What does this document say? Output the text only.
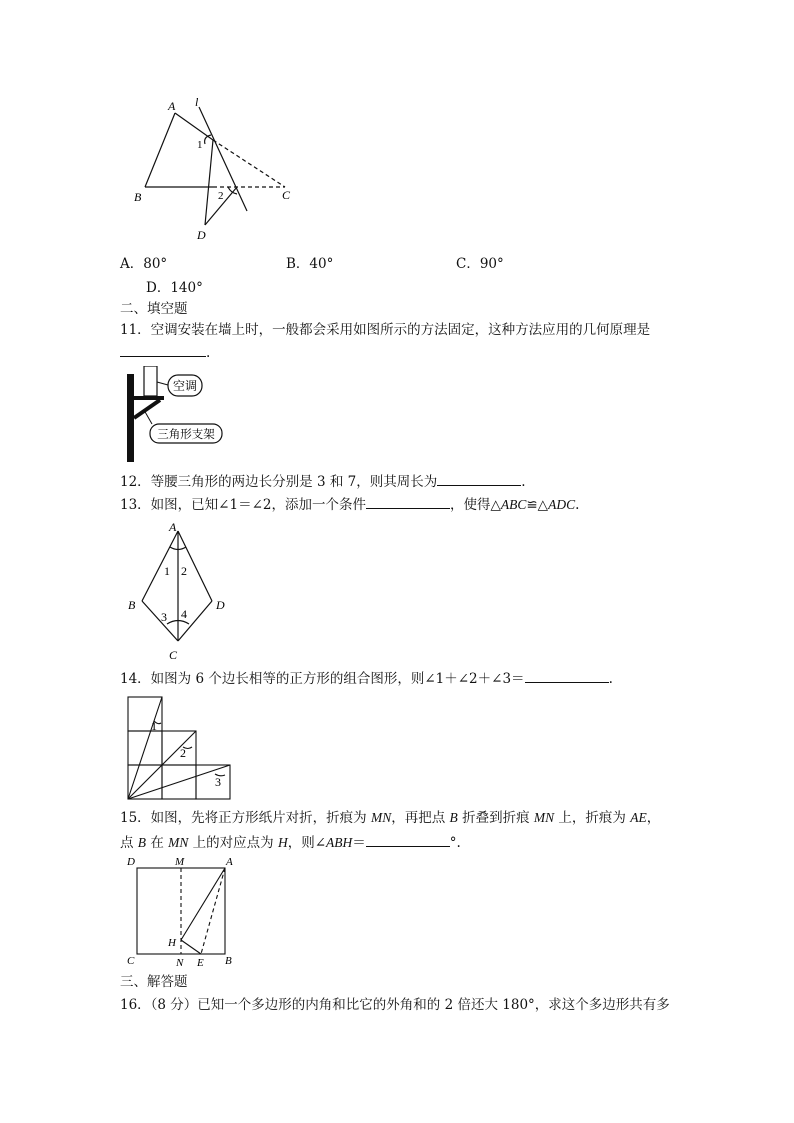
A l
1
B	2	C
D
A．80°	B．40°	C．90°
D．140°
二、填空题
11．空调安装在墙上时，一般都会采用如图所示的方法固定，这种方法应用的几何原理是
.
空调
三角形支架
12．等腰三角形的两边长分别是 3 和 7，则其周长为	.
13．如图，已知∠1＝∠2，添加一个条件	，使得△ABC≌△ADC.
A
1 2
B	D
3 4
C
14．如图为 6 个边长相等的正方形的组合图形，则∠1＋∠2＋∠3＝	.
1
2
3
15．如图，先将正方形纸片对折，折痕为 MN，再把点 B 折叠到折痕 MN 上，折痕为 AE，
点 B 在 MN 上的对应点为 H，则∠ABH＝	°.
D	M	A
H
C	N E B
三、解答题
16．（8 分）已知一个多边形的内角和比它的外角和的 2 倍还大 180°，求这个多边形共有多
